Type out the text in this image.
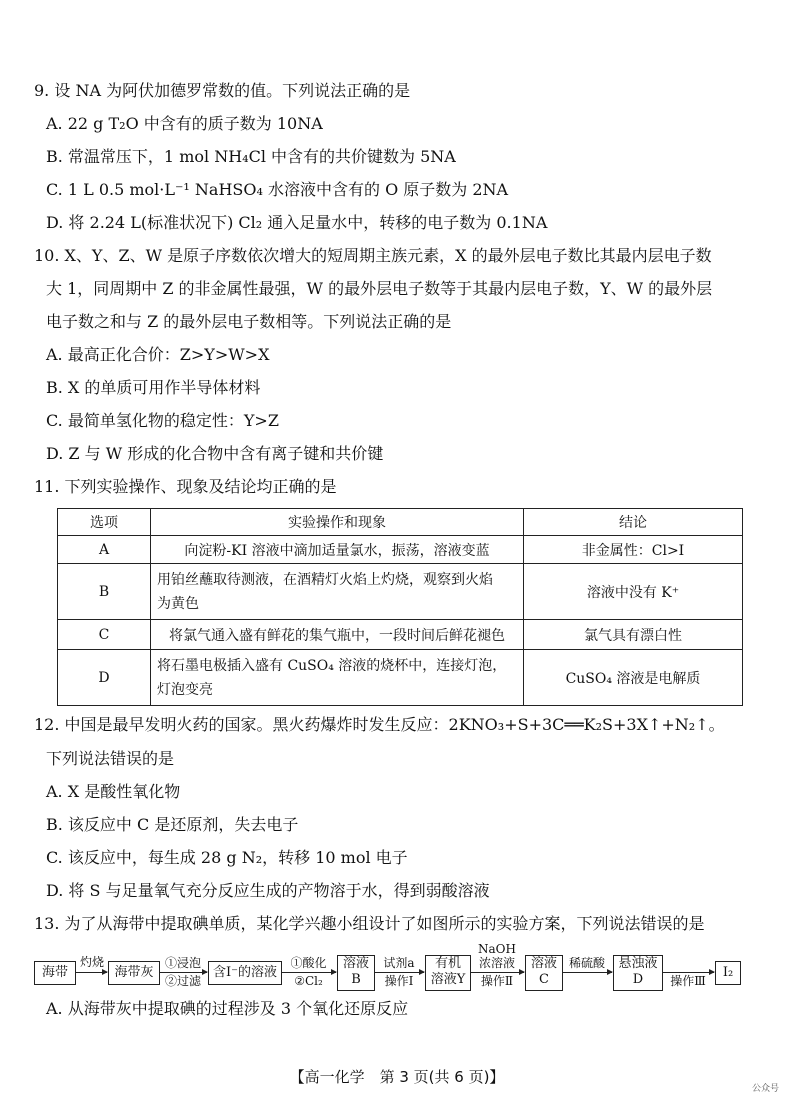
9. 设 NA 为阿伏加德罗常数的值。下列说法正确的是
A. 22 g T₂O 中含有的质子数为 10NA
B. 常温常压下，1 mol NH₄Cl 中含有的共价键数为 5NA
C. 1 L 0.5 mol·L⁻¹ NaHSO₄ 水溶液中含有的 O 原子数为 2NA
D. 将 2.24 L(标准状况下) Cl₂ 通入足量水中，转移的电子数为 0.1NA
10. X、Y、Z、W 是原子序数依次增大的短周期主族元素，X 的最外层电子数比其最内层电子数
大 1，同周期中 Z 的非金属性最强，W 的最外层电子数等于其最内层电子数，Y、W 的最外层
电子数之和与 Z 的最外层电子数相等。下列说法正确的是
A. 最高正化合价：Z>Y>W>X
B. X 的单质可用作半导体材料
C. 最简单氢化物的稳定性：Y>Z
D. Z 与 W 形成的化合物中含有离子键和共价键
11. 下列实验操作、现象及结论均正确的是
选项	实验操作和现象	结论
A	向淀粉-KI 溶液中滴加适量氯水，振荡，溶液变蓝	非金属性：Cl>I
B	用铂丝蘸取待测液，在酒精灯火焰上灼烧，观察到火焰
为黄色	溶液中没有 K⁺
C	将氯气通入盛有鲜花的集气瓶中，一段时间后鲜花褪色	氯气具有漂白性
D	将石墨电极插入盛有 CuSO₄ 溶液的烧杯中，连接灯泡，
灯泡变亮	CuSO₄ 溶液是电解质
12. 中国是最早发明火药的国家。黑火药爆炸时发生反应：2KNO₃+S+3C══K₂S+3X↑+N₂↑。
下列说法错误的是
A. X 是酸性氧化物
B. 该反应中 C 是还原剂，失去电子
C. 该反应中，每生成 28 g N₂，转移 10 mol 电子
D. 将 S 与足量氧气充分反应生成的产物溶于水，得到弱酸溶液
13. 为了从海带中提取碘单质，某化学兴趣小组设计了如图所示的实验方案，下列说法错误的是
海带
灼烧
海带灰
①浸泡
②过滤
含I⁻的溶液
①酸化
②Cl₂
溶液
B
试剂a
操作Ⅰ
有机
溶液Y
NaOH
浓溶液
操作Ⅱ
溶液
C
稀硫酸	悬浊液
D	操作Ⅲ
I₂
A. 从海带灰中提取碘的过程涉及 3 个氧化还原反应
【高一化学　第 3 页(共 6 页)】
公众号
